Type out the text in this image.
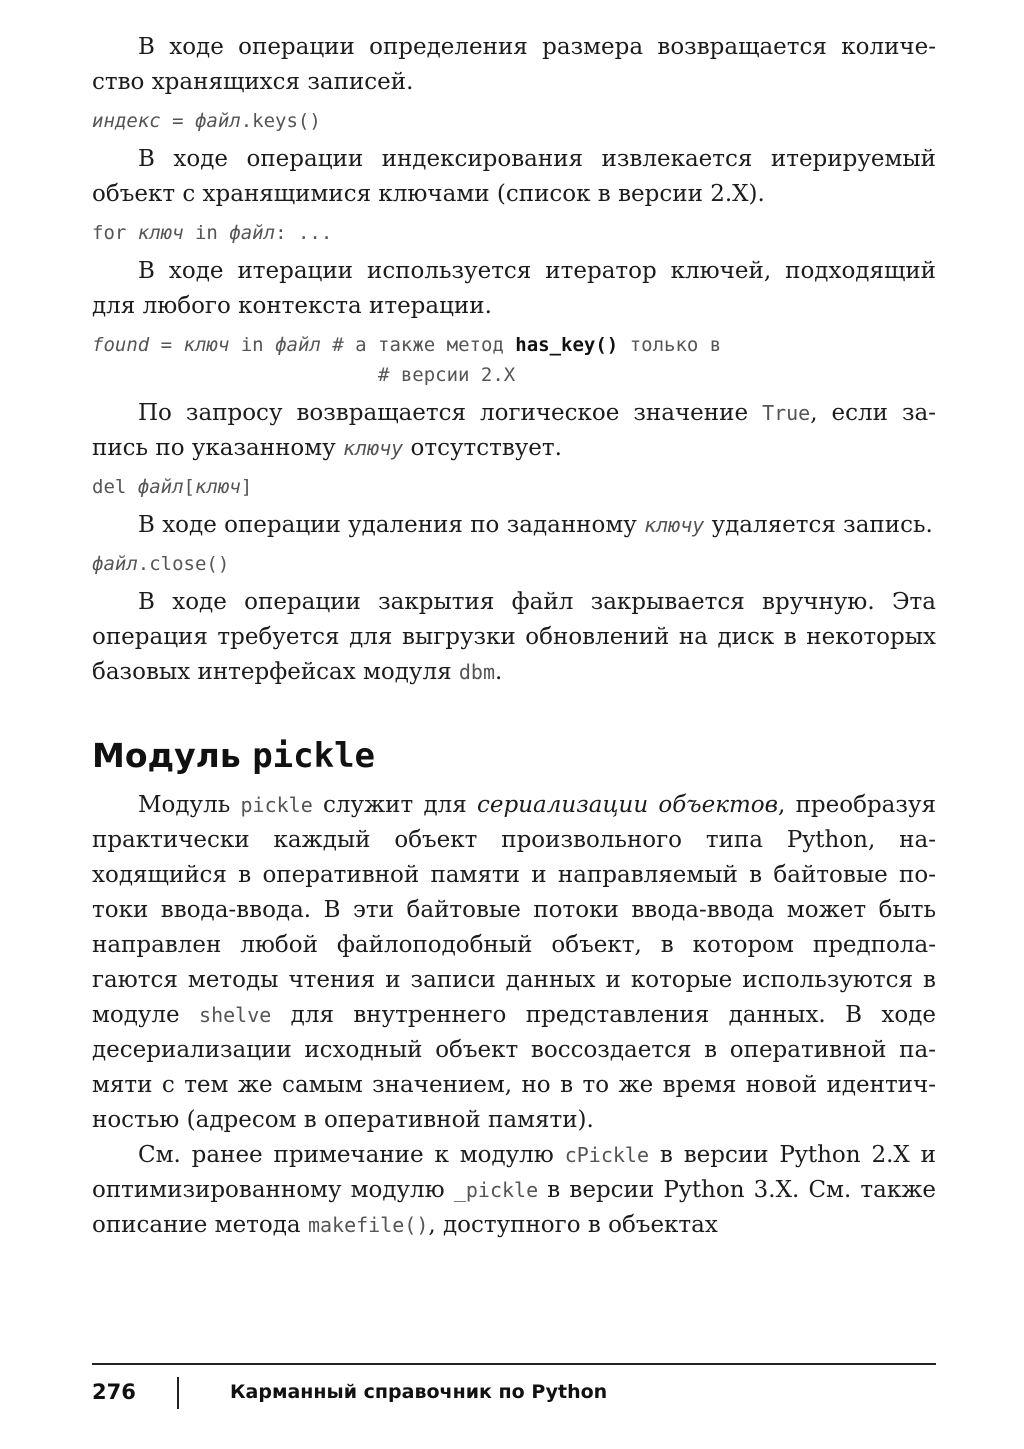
В ходе операции определения размера возвращается количество хранящихся записей.

индекс = файл.keys()

В ходе операции индексирования извлекается итерируемый объект с хранящимися ключами (список в версии 2.X).

for ключ in файл: ...

В ходе итерации используется итератор ключей, подходящий для любого контекста итерации.

found = ключ in файл # а также метод has_key() только в

# версии 2.X

По запросу возвращается логическое значение True, если запись по указанному ключу отсутствует.

del файл[ключ]

В ходе операции удаления по заданному ключу удаляется запись.

файл.close()

В ходе операции закрытия файл закрывается вручную. Эта операция требуется для выгрузки обновлений на диск в некоторых базовых интерфейсах модуля dbm.

Модуль pickle

Модуль pickle служит для сериализации объектов, преобразуя практически каждый объект произвольного типа Python, находящийся в оперативной памяти и направляемый в байтовые потоки ввода-ввода. В эти байтовые потоки ввода-ввода может быть направлен любой файлоподобный объект, в котором предполагаются методы чтения и записи данных и которые используются в модуле shelve для внутреннего представления данных. В ходе десериализации исходный объект воссоздается в оперативной памяти с тем же самым значением, но в то же время новой идентичностью (адресом в оперативной памяти).

См. ранее примечание к модулю cPickle в версии Python 2.X и оптимизированному модулю _pickle в версии Python 3.X. См. также описание метода makefile(), доступного в объектах

276	Карманный справочник по Python
